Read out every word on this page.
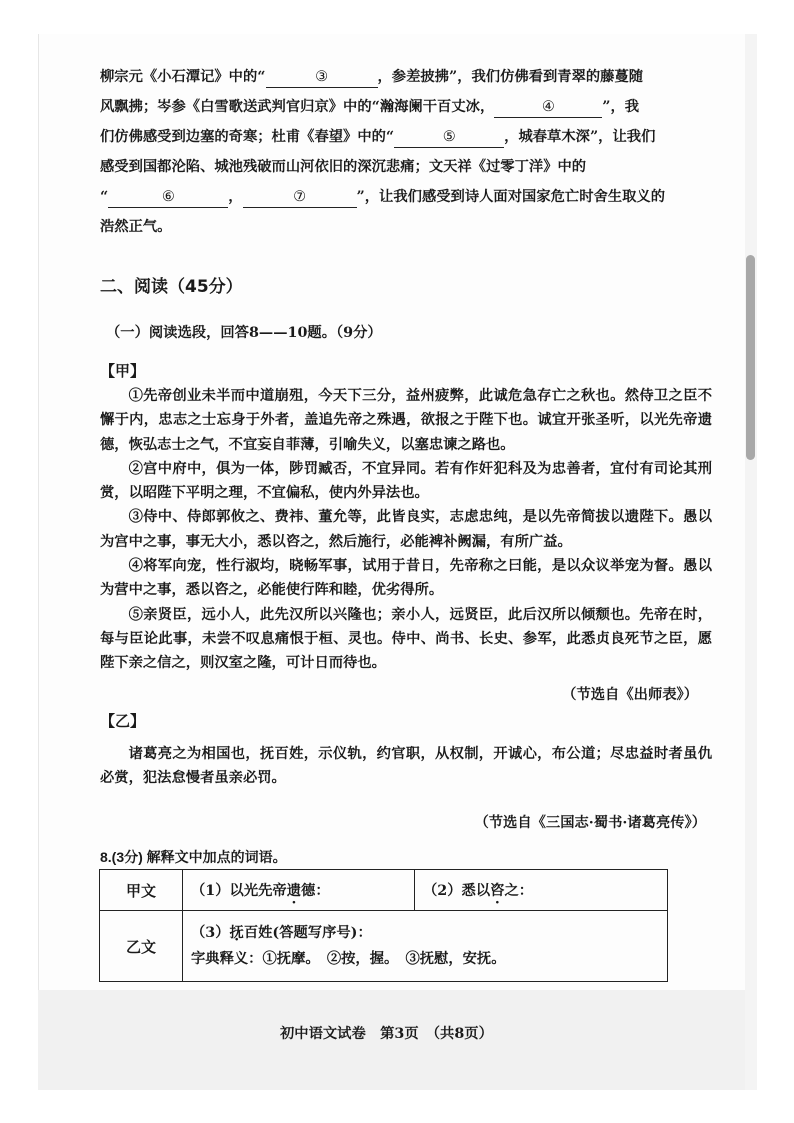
柳宗元《小石潭记》中的“	③	，参差披拂”，我们仿佛看到青翠的藤蔓随
风飘拂；岑参《白雪歌送武判官归京》中的“瀚海阑干百丈冰，	④	”，我
们仿佛感受到边塞的奇寒；杜甫《春望》中的“	⑤	，城春草木深”，让我们
感受到国都沦陷、城池残破而山河依旧的深沉悲痛；文天祥《过零丁洋》中的
“	⑥	，	⑦	”，让我们感受到诗人面对国家危亡时舍生取义的
浩然正气。
二、阅读（45分）
（一）阅读选段，回答8——10题。（9分）
【甲】

①先帝创业未半而中道崩殂，今天下三分，益州疲弊，此诚危急存亡之秋也。然侍卫之臣不懈于内，忠志之士忘身于外者，盖追先帝之殊遇，欲报之于陛下也。诚宜开张圣听，以光先帝遗德，恢弘志士之气，不宜妄自菲薄，引喻失义，以塞忠谏之路也。

②宫中府中，俱为一体，陟罚臧否，不宜异同。若有作奸犯科及为忠善者，宜付有司论其刑赏，以昭陛下平明之理，不宜偏私，使内外异法也。

③侍中、侍郎郭攸之、费祎、董允等，此皆良实，志虑忠纯，是以先帝简拔以遗陛下。愚以为宫中之事，事无大小，悉以咨之，然后施行，必能裨补阙漏，有所广益。

④将军向宠，性行淑均，晓畅军事，试用于昔日，先帝称之曰能，是以众议举宠为督。愚以为营中之事，悉以咨之，必能使行阵和睦，优劣得所。

⑤亲贤臣，远小人，此先汉所以兴隆也；亲小人，远贤臣，此后汉所以倾颓也。先帝在时，每与臣论此事，未尝不叹息痛恨于桓、灵也。侍中、尚书、长史、参军，此悉贞良死节之臣，愿陛下亲之信之，则汉室之隆，可计日而待也。

（节选自《出师表》）
【乙】

诸葛亮之为相国也，抚百姓，示仪轨，约官职，从权制，开诚心，布公道；尽忠益时者虽仇必赏，犯法怠慢者虽亲必罚。

（节选自《三国志·蜀书·诸葛亮传》）
8.(3分) 解释文中加点的词语。
甲文	（1）以光先帝遗德：	（2）悉以咨之：
乙文	（3）抚百姓(答题写序号)：
字典释义：①抚摩。　②按，握。　③抚慰，安抚。
初中语文试卷　第3页　（共8页）
